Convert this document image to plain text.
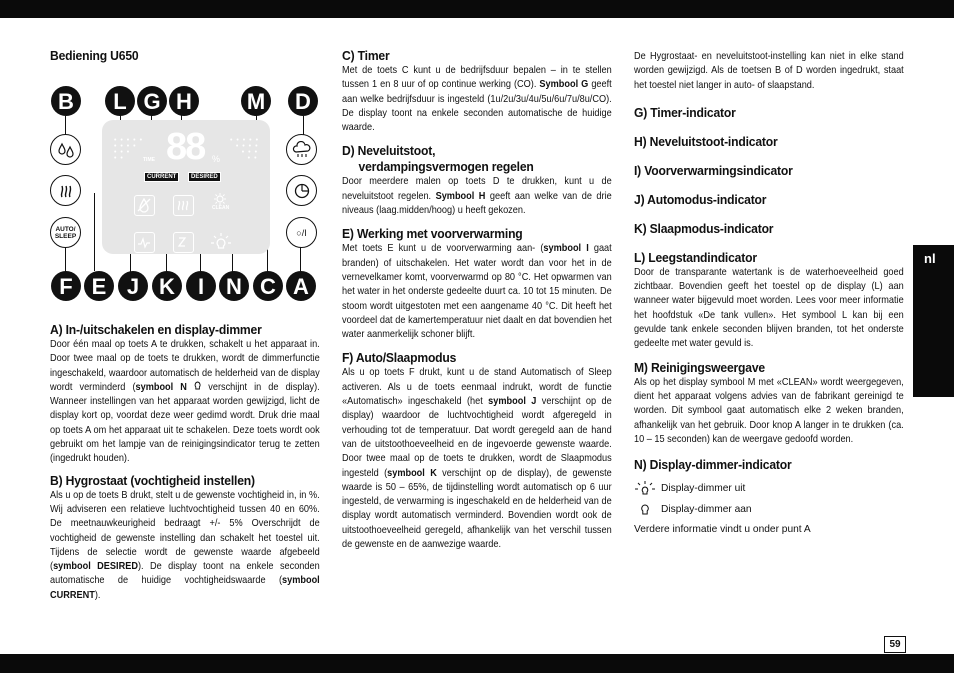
nl
59
Bediening U650
B	L G H	M	D
• • • • •
• • • •
• • •
• •
• • • • •
• • • •
• • •
• •
88
TIME	%
CURRENT	DESIRED
CLEAN
AUTO/
SLEEP	○/I
F E J K	I N C A
A) In-/uitschakelen en display-dimmer

Door één maal op toets A te drukken, schakelt u het apparaat in. Door twee maal op de toets te drukken, wordt de dimmerfunctie ingeschakeld, waardoor automatisch de helderheid van de display wordt verminderd (symbool N  verschijnt in de display). Wanneer instellingen van het apparaat worden gewijzigd, licht de display kort op, voordat deze weer gedimd wordt. Druk drie maal op toets A om het apparaat uit te schakelen. Deze toets wordt ook gebruikt om het lampje van de reinigingsindicator terug te zetten (ingedrukt houden).

B) Hygrostaat (vochtigheid instellen)

Als u op de toets B drukt, stelt u de gewenste vochtigheid in, in %. Wij adviseren een relatieve luchtvochtigheid tussen 40 en 60%. De meetnauwkeurigheid bedraagt +/- 5% Overschrijdt de vochtigheid de gewenste instelling dan schakelt het toestel uit. Tijdens de selectie wordt de gewenste waarde afgebeeld (symbool DESIRED). De display toont na enkele seconden automatische de huidige vochtigheidswaarde (symbool CURRENT).

C) Timer

Met de toets C kunt u de bedrijfsduur bepalen – in te stellen tussen 1 en 8 uur of op continue werking (CO). Symbool G geeft aan welke bedrijfsduur is ingesteld (1u/2u/3u/4u/5u/6u/7u/8u/CO). De display toont na enkele seconden automatische de huidige waarde.

D) Neveluitstoot,
verdampingsvermogen regelen

Door meerdere malen op toets D te drukken, kunt u de neveluitstoot regelen. Symbool H geeft aan welke van de drie niveaus (laag.midden/hoog) u heeft gekozen.

E) Werking met voorverwarming

Met toets E kunt u de voorverwarming aan- (symbool I gaat branden) of uitschakelen. Het water wordt dan voor het in de vernevelkamer komt, voorverwarmd op 80 °C. Het opwarmen van het water in het onderste gedeelte duurt ca. 10 tot 15 minuten. De stoom wordt uitgestoten met een aangename 40 °C. Dit heeft het voordeel dat de kamertemperatuur niet daalt en dat bovendien het water aanmerkelijk schoner blijft.

F) Auto/Slaapmodus

Als u op toets F drukt, kunt u de stand Automatisch of Sleep activeren. Als u de toets eenmaal indrukt, wordt de functie «Automatisch» ingeschakeld (het symbool J verschijnt op de display) waardoor de luchtvochtigheid wordt afgeregeld in verhouding tot de temperatuur. Dat wordt geregeld aan de hand van de uitstoothoeveelheid en de ingevoerde gewenste waarde. Door twee maal op de toets te drukken, wordt de Slaapmodus ingesteld (symbool K verschijnt op de display), de gewenste waarde is 50 – 65%, de tijdinstelling wordt automatisch op 6 uur ingesteld, de verwarming is ingeschakeld en de helderheid van de display wordt automatisch verminderd. Bovendien wordt ook de uitstoothoeveelheid geregeld, afhankelijk van het verschil tussen de gewenste en de aanwezige waarde.

De Hygrostaat- en neveluitstoot-instelling kan niet in elke stand worden gewijzigd. Als de toetsen B of D worden ingedrukt, staat het toestel niet langer in auto- of slaapstand.

G) Timer-indicator
H) Neveluitstoot-indicator
I) Voorverwarmingsindicator
J) Automodus-indicator
K) Slaapmodus-indicator
L) Leegstandindicator

Door de transparante watertank is de waterhoeveelheid goed zichtbaar. Bovendien geeft het toestel op de display (L) aan wanneer water bijgevuld moet worden. Lees voor meer informatie het hoofdstuk «De tank vullen». Het symbool L kan bij een gevulde tank enkele seconden blijven branden, tot het onderste gedeelte met water gevuld is.

M) Reinigingsweergave

Als op het display symbool M met «CLEAN» wordt weergegeven, dient het apparaat volgens advies van de fabrikant gereinigd te worden. Dit symbool gaat automatisch elke 2 weken branden, afhankelijk van het gebruik. Door knop A langer in te drukken (ca. 10 – 15 seconden) kan de weergave gedoofd worden.

N) Display-dimmer-indicator
Display-dimmer uit
Display-dimmer aan

Verdere informatie vindt u onder punt A
